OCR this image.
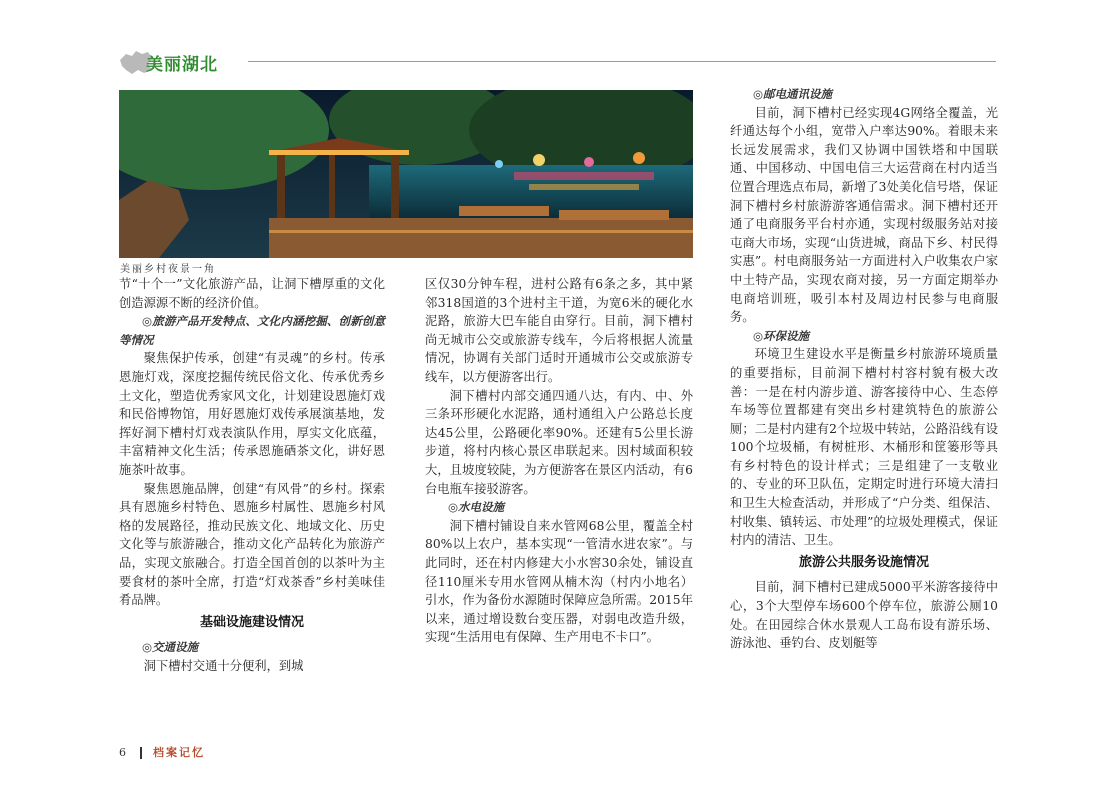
美丽湖北
美丽乡村夜景一角

节“十个一”文化旅游产品，让洞下槽厚重的文化创造源源不断的经济价值。

◎旅游产品开发特点、文化内涵挖掘、创新创意等情况

聚焦保护传承，创建“有灵魂”的乡村。传承恩施灯戏，深度挖掘传统民俗文化、传承优秀乡土文化，塑造优秀家风文化，计划建设恩施灯戏和民俗博物馆，用好恩施灯戏传承展演基地，发挥好洞下槽村灯戏表演队作用，厚实文化底蕴，丰富精神文化生活；传承恩施硒茶文化，讲好恩施茶叶故事。

聚焦恩施品牌，创建“有风骨”的乡村。探索具有恩施乡村特色、恩施乡村属性、恩施乡村风格的发展路径，推动民族文化、地域文化、历史文化等与旅游融合，推动文化产品转化为旅游产品，实现文旅融合。打造全国首创的以茶叶为主要食材的茶叶全席，打造“灯戏茶香”乡村美味佳肴品牌。

基础设施建设情况

◎交通设施

洞下槽村交通十分便利，到城

区仅30分钟车程，进村公路有6条之多，其中紧邻318国道的3个进村主干道，为宽6米的硬化水泥路，旅游大巴车能自由穿行。目前，洞下槽村尚无城市公交或旅游专线车，今后将根据人流量情况，协调有关部门适时开通城市公交或旅游专线车，以方便游客出行。

洞下槽村内部交通四通八达，有内、中、外三条环形硬化水泥路，通村通组入户公路总长度达45公里，公路硬化率90%。还建有5公里长游步道，将村内核心景区串联起来。因村域面积较大，且坡度较陡，为方便游客在景区内活动，有6台电瓶车接驳游客。

◎水电设施

洞下槽村铺设自来水管网68公里，覆盖全村80%以上农户，基本实现“一管清水进农家”。与此同时，还在村内修建大小水窖30余处，铺设直径110厘米专用水管网从楠木沟（村内小地名）引水，作为备份水源随时保障应急所需。2015年以来，通过增设数台变压器，对弱电改造升级，实现“生活用电有保障、生产用电不卡口”。

◎邮电通讯设施

目前，洞下槽村已经实现4G网络全覆盖，光纤通达每个小组，宽带入户率达90%。着眼未来长远发展需求，我们又协调中国铁塔和中国联通、中国移动、中国电信三大运营商在村内适当位置合理选点布局，新增了3处美化信号塔，保证洞下槽村乡村旅游游客通信需求。洞下槽村还开通了电商服务平台村亦通，实现村级服务站对接屯商大市场，实现“山货进城，商品下乡、村民得实惠”。村电商服务站一方面进村入户收集农户家中土特产品，实现农商对接，另一方面定期举办电商培训班，吸引本村及周边村民参与电商服务。

◎环保设施

环境卫生建设水平是衡量乡村旅游环境质量的重要指标，目前洞下槽村村容村貌有极大改善：一是在村内游步道、游客接待中心、生态停车场等位置都建有突出乡村建筑特色的旅游公厕；二是村内建有2个垃圾中转站，公路沿线有设100个垃圾桶，有树桩形、木桶形和筐篓形等具有乡村特色的设计样式；三是组建了一支敬业的、专业的环卫队伍，定期定时进行环境大清扫和卫生大检查活动，并形成了“户分类、组保洁、村收集、镇转运、市处理”的垃圾处理模式，保证村内的清洁、卫生。

旅游公共服务设施情况

目前，洞下槽村已建成5000平米游客接待中心，3个大型停车场600个停车位，旅游公厕10处。在田园综合休水景观人工岛布设有游乐场、游泳池、垂钓台、皮划艇等

6 档案记忆
